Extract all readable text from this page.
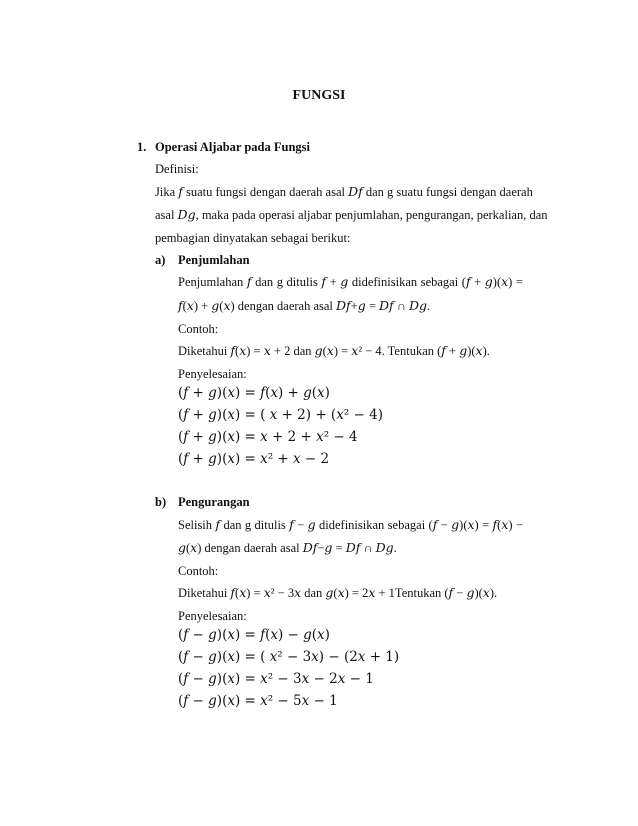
FUNGSI
1. Operasi Aljabar pada Fungsi
Definisi:
Jika 𝑓 suatu fungsi dengan daerah asal 𝐷𝑓 dan g suatu fungsi dengan daerah
asal 𝐷𝑔, maka pada operasi aljabar penjumlahan, pengurangan, perkalian, dan
pembagian dinyatakan sebagai berikut:
a) Penjumlahan
Penjumlahan 𝑓 dan g ditulis 𝑓 + 𝑔 didefinisikan sebagai (𝑓 + 𝑔)(𝑥) =
𝑓(𝑥) + 𝑔(𝑥) dengan daerah asal 𝐷𝑓+𝑔 = 𝐷𝑓 ∩ 𝐷𝑔.
Contoh:
Diketahui 𝑓(𝑥) = 𝑥 + 2 dan 𝑔(𝑥) = 𝑥² − 4. Tentukan (𝑓 + 𝑔)(𝑥).
Penyelesaian:
(𝑓 + 𝑔)(𝑥) = 𝑓(𝑥) + 𝑔(𝑥)
(𝑓 + 𝑔)(𝑥) = ( 𝑥 + 2) + (𝑥² − 4)
(𝑓 + 𝑔)(𝑥) = 𝑥 + 2 + 𝑥² − 4
(𝑓 + 𝑔)(𝑥) = 𝑥² + 𝑥 − 2
b) Pengurangan
Selisih 𝑓 dan g ditulis 𝑓 − 𝑔 didefinisikan sebagai (𝑓 − 𝑔)(𝑥) = 𝑓(𝑥) −
𝑔(𝑥) dengan daerah asal 𝐷𝑓−𝑔 = 𝐷𝑓 ∩ 𝐷𝑔.
Contoh:
Diketahui 𝑓(𝑥) = 𝑥² − 3𝑥 dan 𝑔(𝑥) = 2𝑥 + 1Tentukan (𝑓 − 𝑔)(𝑥).
Penyelesaian:
(𝑓 − 𝑔)(𝑥) = 𝑓(𝑥) − 𝑔(𝑥)
(𝑓 − 𝑔)(𝑥) = ( 𝑥² − 3𝑥) − (2𝑥 + 1)
(𝑓 − 𝑔)(𝑥) = 𝑥² − 3𝑥 − 2𝑥 − 1
(𝑓 − 𝑔)(𝑥) = 𝑥² − 5𝑥 − 1
